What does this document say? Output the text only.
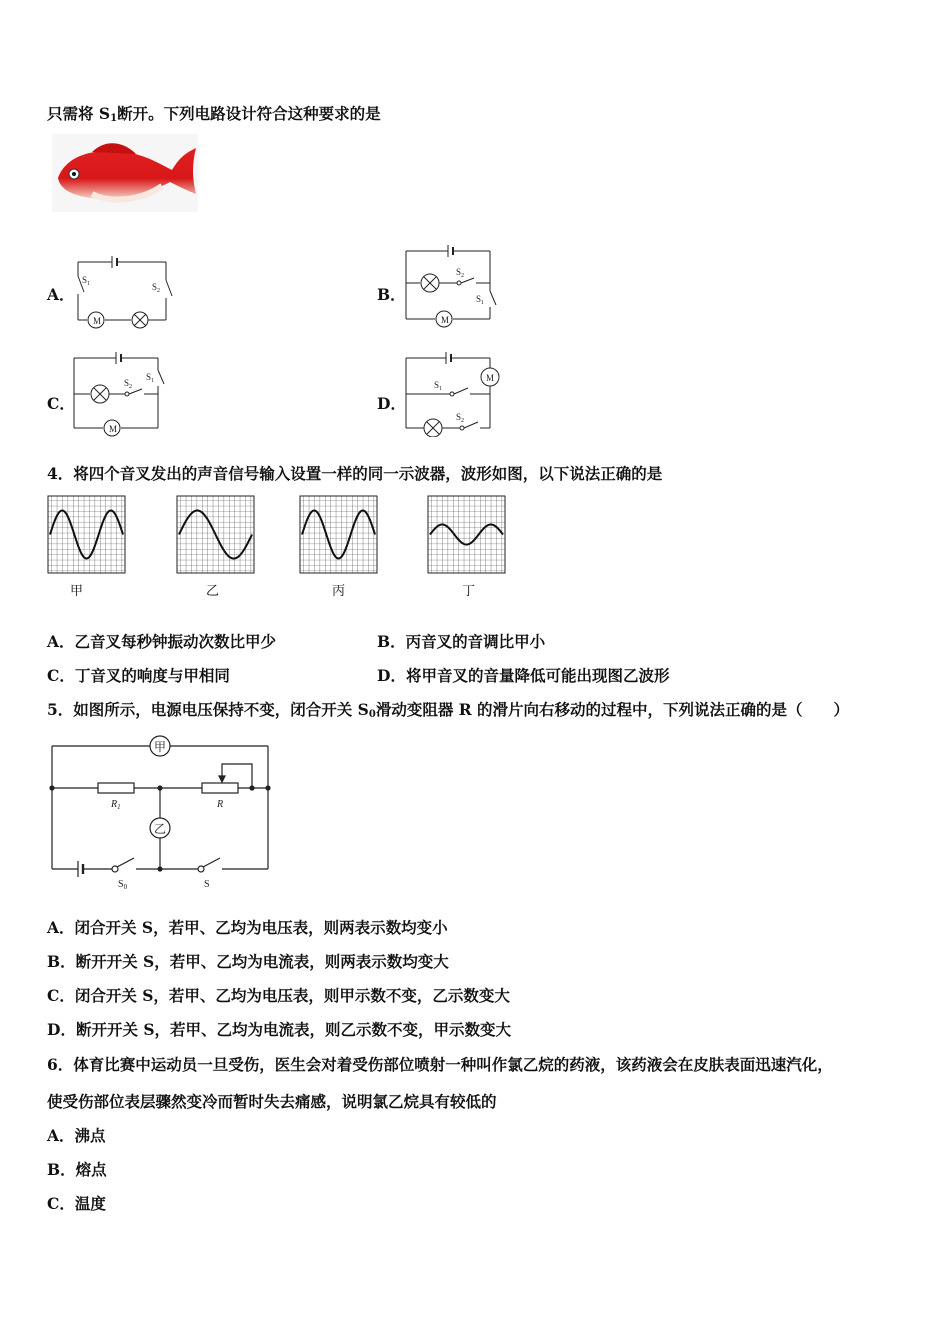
只需将 $S_1$断开。下列电路设计符合这种要求的是
A．	B．
C．	D．
M
$S_1$	$S_2$
M
$S_2$
$S_1$
M
$S_2$
$S_1$	M
$S_1$
$S_2$
4．将四个音叉发出的声音信号输入设置一样的同一示波器，波形如图，以下说法正确的是
甲	乙	丙	丁
A．乙音叉每秒钟振动次数比甲少	B．丙音叉的音调比甲小
C．丁音叉的响度与甲相同	D．将甲音叉的音量降低可能出现图乙波形
5．如图所示，电源电压保持不变，闭合开关 $S_0$滑动变阻器 R 的滑片向右移动的过程中，下列说法正确的是（　　）
甲
乙
$R_1$	R
$S_0$	S
A．闭合开关 S，若甲、乙均为电压表，则两表示数均变小
B．断开开关 S，若甲、乙均为电流表，则两表示数均变大
C．闭合开关 S，若甲、乙均为电压表，则甲示数不变，乙示数变大
D．断开开关 S，若甲、乙均为电流表，则乙示数不变，甲示数变大
6．体育比赛中运动员一旦受伤，医生会对着受伤部位喷射一种叫作氯乙烷的药液，该药液会在皮肤表面迅速汽化，
使受伤部位表层骤然变冷而暂时失去痛感，说明氯乙烷具有较低的
A．沸点
B．熔点
C．温度
